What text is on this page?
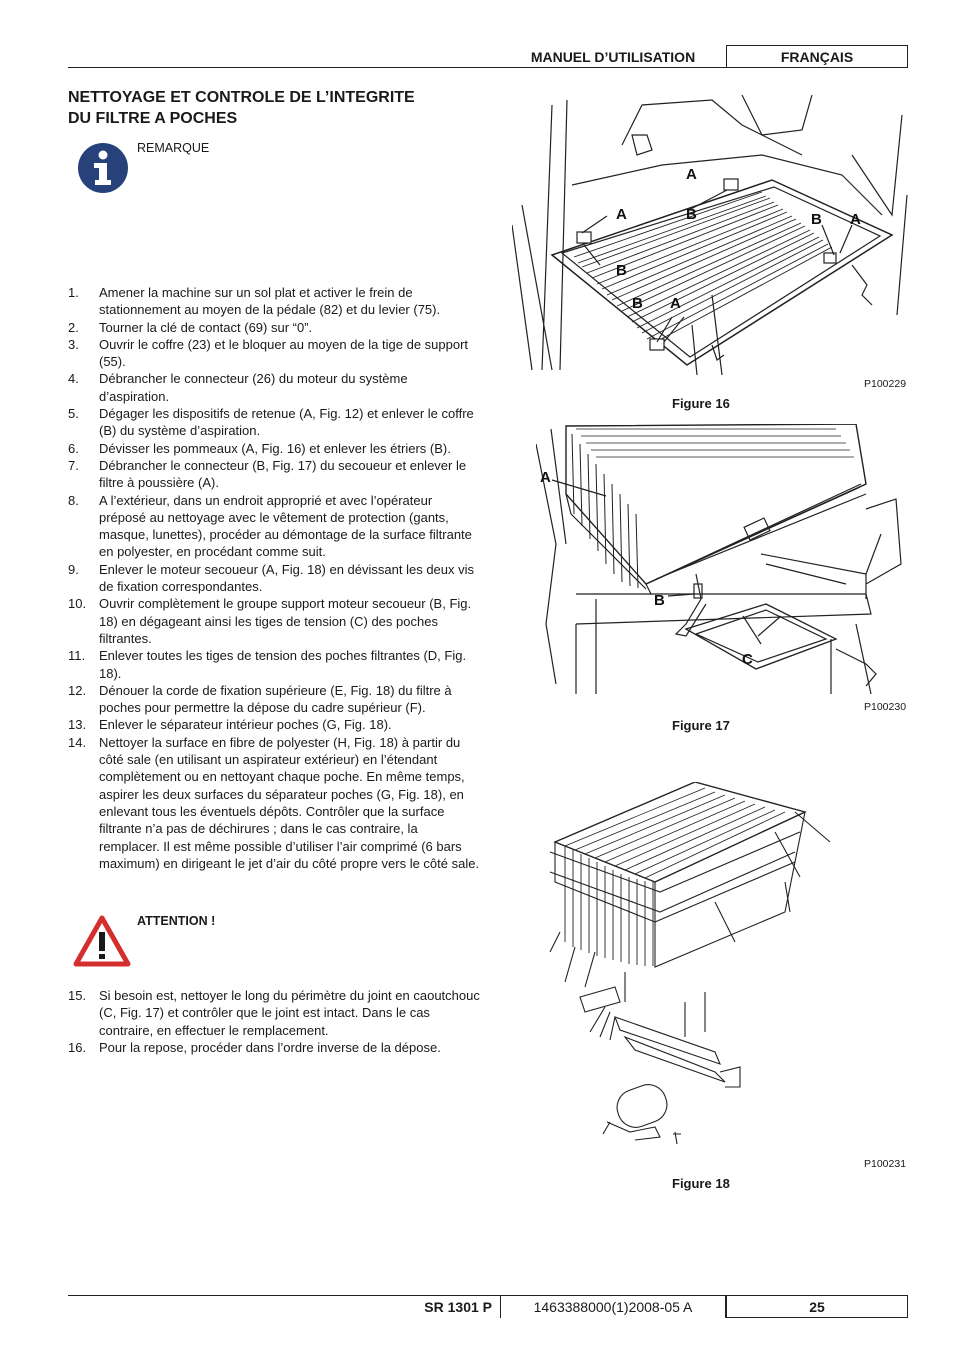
MANUEL D’UTILISATION	FRANÇAIS
NETTOYAGE ET CONTROLE DE L’INTEGRITE
DU FILTRE A POCHES
REMARQUE
1. Amener la machine sur un sol plat et activer le frein de stationnement au moyen de la pédale (82) et du levier (75).
2. Tourner la clé de contact (69) sur “0”.
3. Ouvrir le coffre (23) et le bloquer au moyen de la tige de support (55).
4. Débrancher le connecteur (26) du moteur du système d’aspiration.
5. Dégager les dispositifs de retenue (A, Fig. 12) et enlever le coffre (B) du système d’aspiration.
6. Dévisser les pommeaux (A, Fig. 16) et enlever les étriers (B).
7. Débrancher le connecteur (B, Fig. 17) du secoueur et enlever le filtre à poussière (A).
8. A l’extérieur, dans un endroit approprié et avec l’opérateur préposé au nettoyage avec le vêtement de protection (gants, masque, lunettes), procéder au démontage de la surface filtrante en polyester, en procédant comme suit.
9. Enlever le moteur secoueur (A, Fig. 18) en dévissant les deux vis de fixation correspondantes.
10. Ouvrir complètement le groupe support moteur secoueur (B, Fig. 18) en dégageant ainsi les tiges de tension (C) des poches filtrantes.
11. Enlever toutes les tiges de tension des poches filtrantes (D, Fig. 18).
12. Dénouer la corde de fixation supérieure (E, Fig. 18) du filtre à poches pour permettre la dépose du cadre supérieur (F).
13. Enlever le séparateur intérieur poches (G, Fig. 18).
14. Nettoyer la surface en fibre de polyester (H, Fig. 18) à partir du côté sale (en utilisant un aspirateur extérieur) en l’étendant complètement ou en nettoyant chaque poche. En même temps, aspirer les deux surfaces du séparateur poches (G, Fig. 18), en enlevant tous les éventuels dépôts. Contrôler que la surface filtrante n’a pas de déchirures ; dans le cas contraire, la remplacer. Il est même possible d’utiliser l’air comprimé (6 bars maximum) en dirigeant le jet d’air du côté propre vers le côté sale.
ATTENTION !
15. Si besoin est, nettoyer le long du périmètre du joint en caoutchouc (C, Fig. 17) et contrôler que le joint est intact. Dans le cas contraire, en effectuer le remplacement.
16. Pour la repose, procéder dans l’ordre inverse de la dépose.
A
A	B	B A
B
B A
P100229
Figure 16
A
B
C
P100230
Figure 17
P100231
Figure 18
SR 1301 P	1463388000(1)2008-05 A	25
